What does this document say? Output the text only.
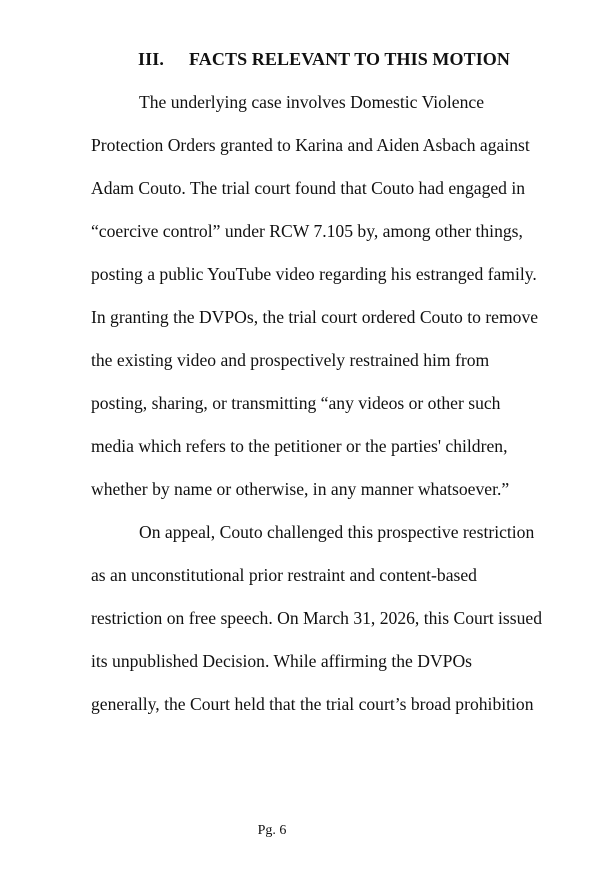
III. FACTS RELEVANT TO THIS MOTION
The underlying case involves Domestic Violence
Protection Orders granted to Karina and Aiden Asbach against
Adam Couto. The trial court found that Couto had engaged in
“coercive control” under RCW 7.105 by, among other things,
posting a public YouTube video regarding his estranged family.
In granting the DVPOs, the trial court ordered Couto to remove
the existing video and prospectively restrained him from
posting, sharing, or transmitting “any videos or other such
media which refers to the petitioner or the parties' children,
whether by name or otherwise, in any manner whatsoever.”
On appeal, Couto challenged this prospective restriction
as an unconstitutional prior restraint and content-based
restriction on free speech. On March 31, 2026, this Court issued
its unpublished Decision. While affirming the DVPOs
generally, the Court held that the trial court’s broad prohibition
Pg. 6
